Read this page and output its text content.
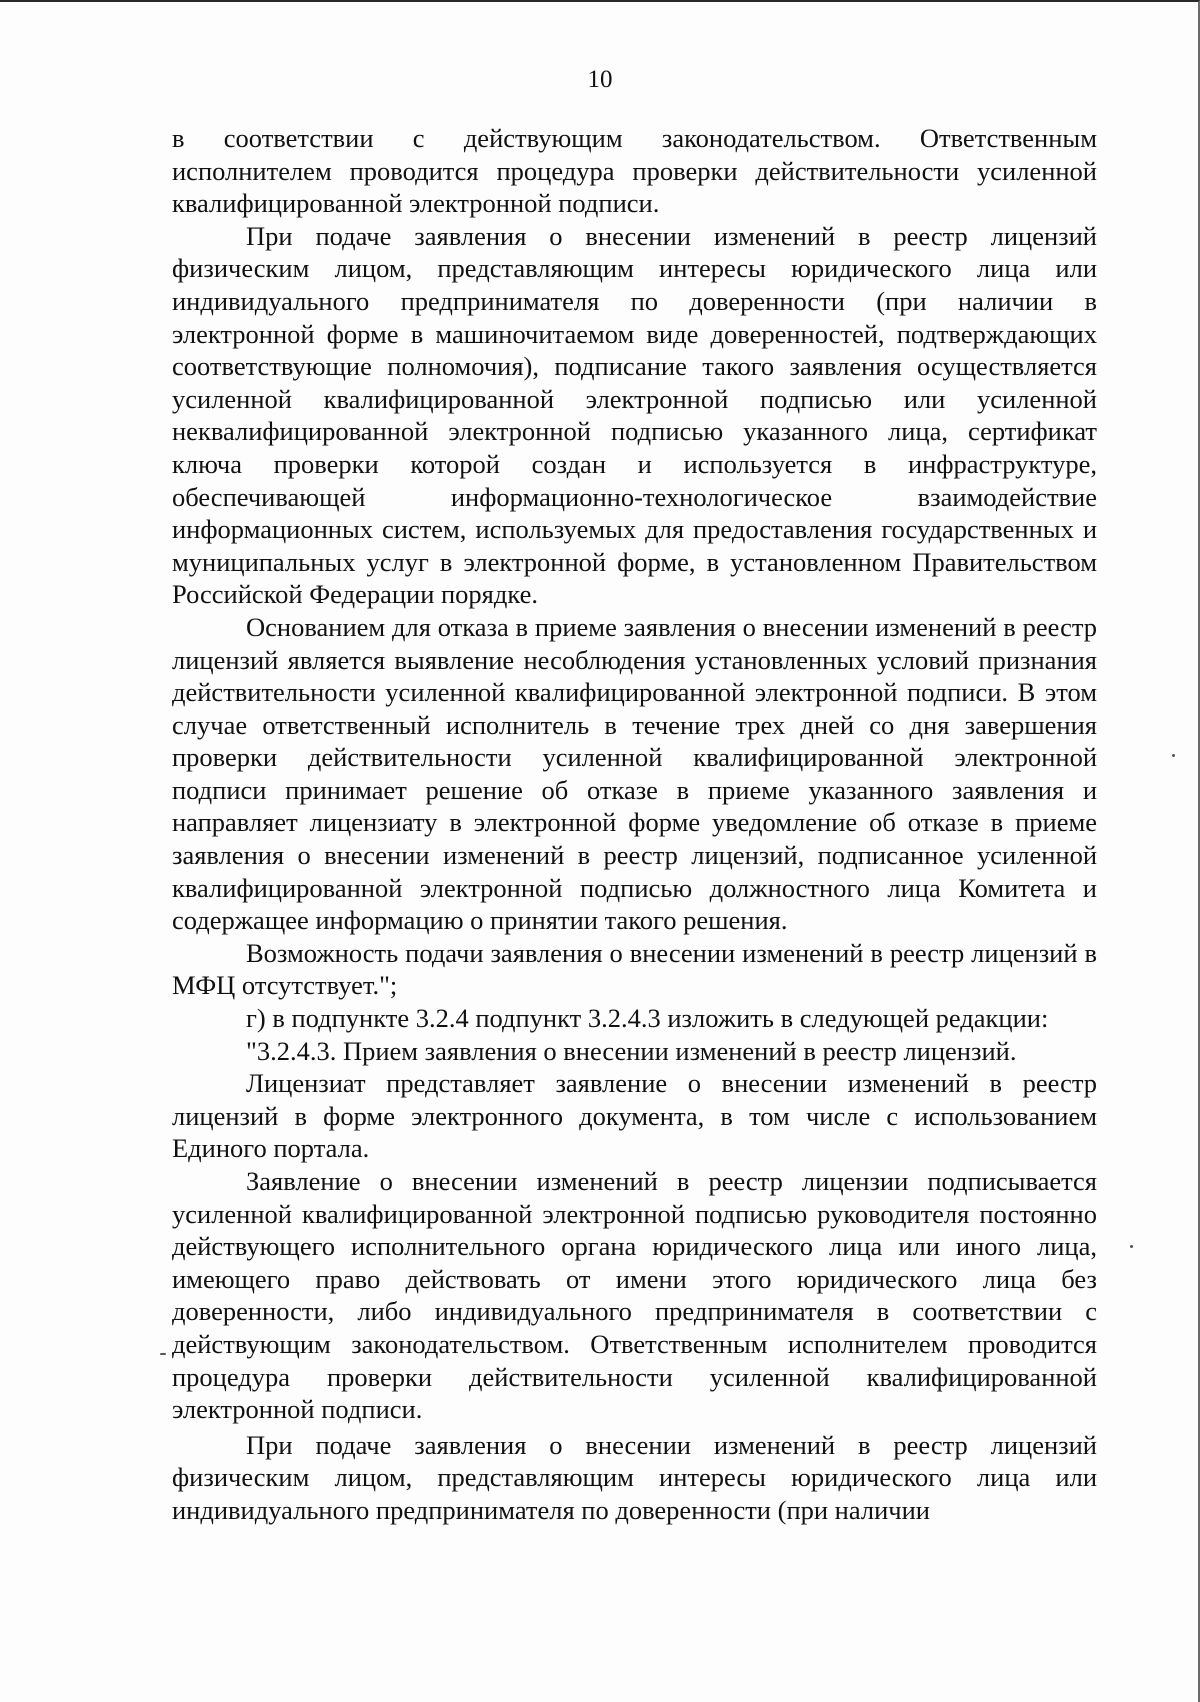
10

в соответствии с действующим законодательством. Ответственным исполнителем проводится процедура проверки действительности усиленной квалифицированной электронной подписи.

При подаче заявления о внесении изменений в реестр лицензий физическим лицом, представляющим интересы юридического лица или индивидуального предпринимателя по доверенности (при наличии в электронной форме в машиночитаемом виде доверенностей, подтверждающих соответствующие полномочия), подписание такого заявления осуществляется усиленной квалифицированной электронной подписью или усиленной неквалифицированной электронной подписью указанного лица, сертификат ключа проверки которой создан и используется в инфраструктуре, обеспечивающей информационно-технологическое взаимодействие информационных систем, используемых для предоставления государственных и муниципальных услуг в электронной форме, в установленном Правительством Российской Федерации порядке.

Основанием для отказа в приеме заявления о внесении изменений в реестр лицензий является выявление несоблюдения установленных условий признания действительности усиленной квалифицированной электронной подписи. В этом случае ответственный исполнитель в течение трех дней со дня завершения проверки действительности усиленной квалифицированной электронной подписи принимает решение об отказе в приеме указанного заявления и направляет лицензиату в электронной форме уведомление об отказе в приеме заявления о внесении изменений в реестр лицензий, подписанное усиленной квалифицированной электронной подписью должностного лица Комитета и содержащее информацию о принятии такого решения.

Возможность подачи заявления о внесении изменений в реестр лицензий в МФЦ отсутствует.";

г) в подпункте 3.2.4 подпункт 3.2.4.3 изложить в следующей редакции:

"3.2.4.3. Прием заявления о внесении изменений в реестр лицензий.

Лицензиат представляет заявление о внесении изменений в реестр лицензий в форме электронного документа, в том числе с использованием Единого портала.

Заявление о внесении изменений в реестр лицензии подписывается усиленной квалифицированной электронной подписью руководителя постоянно действующего исполнительного органа юридического лица или иного лица, имеющего право действовать от имени этого юридического лица без доверенности, либо индивидуального предпринимателя в соответствии с действующим законодательством. Ответственным исполнителем проводится процедура проверки действительности усиленной квалифицированной электронной подписи.

При подаче заявления о внесении изменений в реестр лицензий физическим лицом, представляющим интересы юридического лица или индивидуального предпринимателя по доверенности (при наличии
